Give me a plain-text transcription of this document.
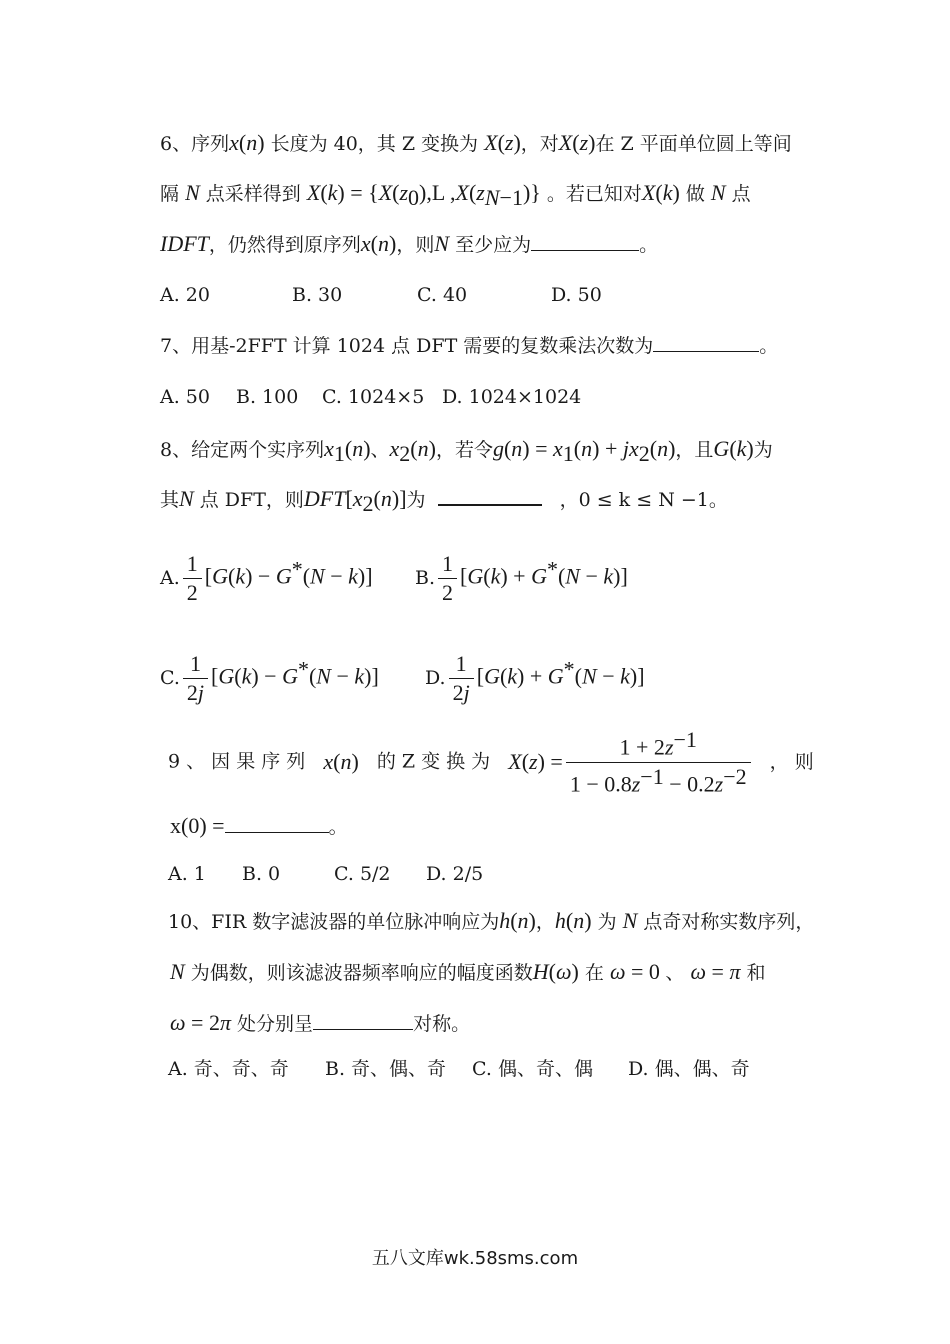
6、序列x(n) 长度为 40，其 Z 变换为 X(z)，对X(z)在 Z 平面单位圆上等间
隔 N 点采样得到 $X(k) = \{X(z_0),L$ $,X(z_{N-1})$} 。若已知对X(k) 做 N 点
IDFT，仍然得到原序列x(n)，则N 至少应为	。
A. 20	B. 30	C. 40	D. 50
7、用基-2FFT 计算 1024 点 DFT 需要的复数乘法次数为	。
A. 50 B. 100 C. 1024×5 D. 1024×1024
8、给定两个实序列$x_1(n)$、$x_2(n)$，若令$g(n) = x_1(n) + jx_2(n)$，且G(k)为
其N 点 DFT，则$DFT[x_2(n)]$为	，0 ≤ k ≤ N −1。
A. $\frac{1}{2} [G(k) - G^*(N - k)]$ B. $\frac{1}{2} [G(k) + G^*(N - k)]$
C. $\frac{1}{2j} [G(k) - G^*(N - k)]$ D. $\frac{1}{2j} [G(k) + G^*(N - k)]$
9 、 因 果 序 列 x(n) 的 Z 变 换 为 $X(z) = \frac{1 + 2z^{-1}}{1 - 0.8z^{-1} - 0.2z^{-2}}$ ， 则
x(0) =	。
A. 1 B. 0	C. 5/2 D. 2/5
10、FIR 数字滤波器的单位脉冲响应为h(n)，h(n) 为 N 点奇对称实数序列，
N 为偶数，则该滤波器频率响应的幅度函数H(ω) 在 ω = 0 、 ω = π 和
ω = 2π 处分别呈	对称。
A. 奇、奇、奇 B. 奇、偶、奇 C. 偶、奇、偶 D. 偶、偶、奇
五八文库wk.58sms.com
